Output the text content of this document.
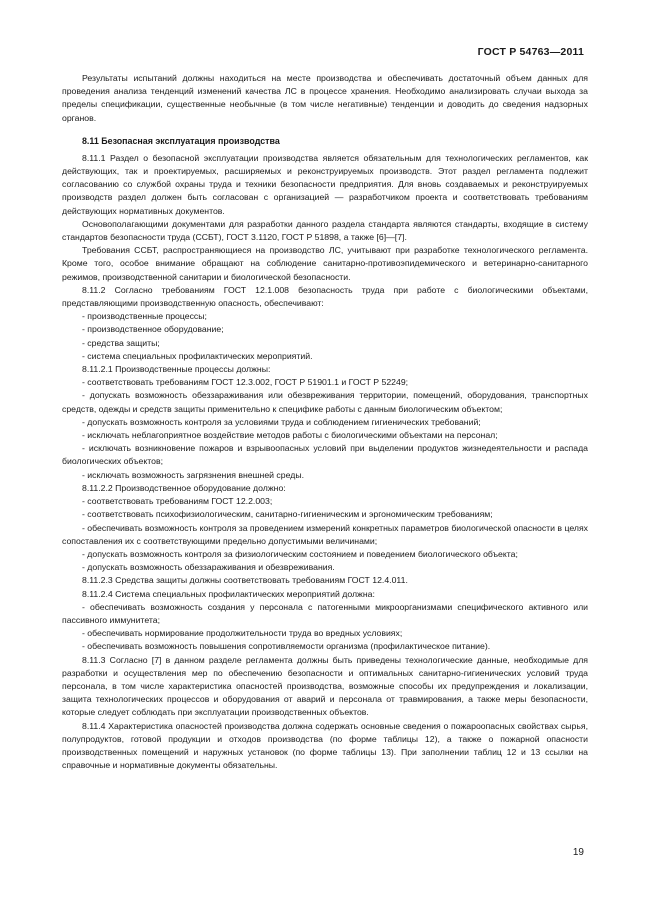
ГОСТ Р 54763—2011

Результаты испытаний должны находиться на месте производства и обеспечивать достаточный объем данных для проведения анализа тенденций изменений качества ЛС в процессе хранения. Необходимо анализировать случаи выхода за пределы спецификации, существенные необычные (в том числе негативные) тенденции и доводить до сведения надзорных органов.

8.11 Безопасная эксплуатация производства

8.11.1 Раздел о безопасной эксплуатации производства является обязательным для технологических регламентов, как действующих, так и проектируемых, расширяемых и реконструируемых производств. Этот раздел регламента подлежит согласованию со службой охраны труда и техники безопасности предприятия. Для вновь создаваемых и реконструируемых производств раздел должен быть согласован с организацией — разработчиком проекта и соответствовать требованиям действующих нормативных документов.

Основополагающими документами для разработки данного раздела стандарта являются стандарты, входящие в систему стандартов безопасности труда (ССБТ), ГОСТ 3.1120, ГОСТ Р 51898, а также [6]—[7].

Требования ССБТ, распространяющиеся на производство ЛС, учитывают при разработке технологического регламента. Кроме того, особое внимание обращают на соблюдение санитарно-противоэпидемического и ветеринарно-санитарного режимов, производственной санитарии и биологической безопасности.

8.11.2 Согласно требованиям ГОСТ 12.1.008 безопасность труда при работе с биологическими объектами, представляющими производственную опасность, обеспечивают:

- производственные процессы;

- производственное оборудование;

- средства защиты;

- система специальных профилактических мероприятий.

8.11.2.1 Производственные процессы должны:

- соответствовать требованиям ГОСТ 12.3.002, ГОСТ Р 51901.1 и ГОСТ Р 52249;

- допускать возможность обеззараживания или обезвреживания территории, помещений, оборудования, транспортных средств, одежды и средств защиты применительно к специфике работы с данным биологическим объектом;

- допускать возможность контроля за условиями труда и соблюдением гигиенических требований;

- исключать неблагоприятное воздействие методов работы с биологическими объектами на персонал;

- исключать возникновение пожаров и взрывоопасных условий при выделении продуктов жизнедеятельности и распада биологических объектов;

- исключать возможность загрязнения внешней среды.

8.11.2.2 Производственное оборудование должно:

- соответствовать требованиям ГОСТ 12.2.003;

- соответствовать психофизиологическим, санитарно-гигиеническим и эргономическим требованиям;

- обеспечивать возможность контроля за проведением измерений конкретных параметров биологической опасности в целях сопоставления их с соответствующими предельно допустимыми величинами;

- допускать возможность контроля за физиологическим состоянием и поведением биологического объекта;

- допускать возможность обеззараживания и обезвреживания.

8.11.2.3 Средства защиты должны соответствовать требованиям ГОСТ 12.4.011.

8.11.2.4 Система специальных профилактических мероприятий должна:

- обеспечивать возможность создания у персонала с патогенными микроорганизмами специфического активного или пассивного иммунитета;

- обеспечивать нормирование продолжительности труда во вредных условиях;

- обеспечивать возможность повышения сопротивляемости организма (профилактическое питание).

8.11.3 Согласно [7] в данном разделе регламента должны быть приведены технологические данные, необходимые для разработки и осуществления мер по обеспечению безопасности и оптимальных санитарно-гигиенических условий труда персонала, в том числе характеристика опасностей производства, возможные способы их предупреждения и локализации, защита технологических процессов и оборудования от аварий и персонала от травмирования, а также меры безопасности, которые следует соблюдать при эксплуатации производственных объектов.

8.11.4 Характеристика опасностей производства должна содержать основные сведения о пожароопасных свойствах сырья, полупродуктов, готовой продукции и отходов производства (по форме таблицы 12), а также о пожарной опасности производственных помещений и наружных установок (по форме таблицы 13). При заполнении таблиц 12 и 13 ссылки на справочные и нормативные документы обязательны.

19
